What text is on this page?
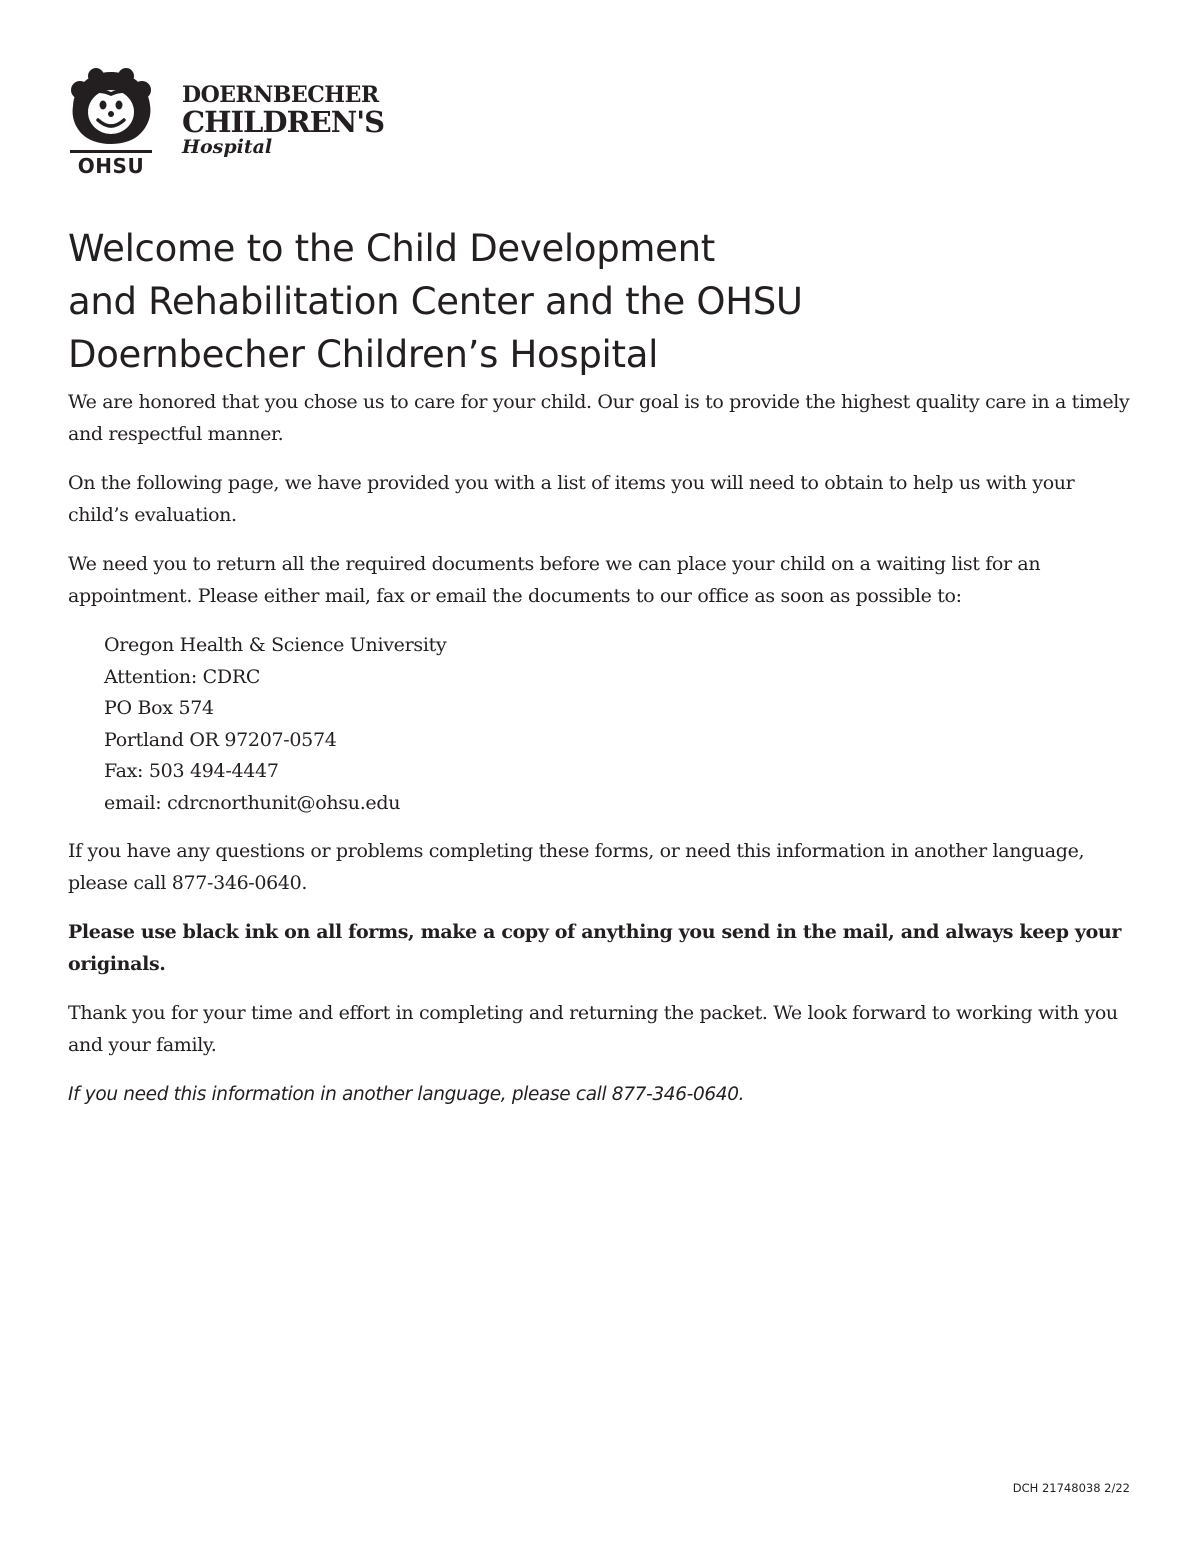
OHSU
DOERNBECHER
CHILDREN'S
Hospital
Welcome to the Child Development
and Rehabilitation Center and the OHSU
Doernbecher Children’s Hospital

We are honored that you chose us to care for your child. Our goal is to provide the highest quality care in a timely and respectful manner.

On the following page, we have provided you with a list of items you will need to obtain to help us with your child’s evaluation.

We need you to return all the required documents before we can place your child on a waiting list for an appointment. Please either mail, fax or email the documents to our office as soon as possible to:

Oregon Health & Science University
Attention: CDRC
PO Box 574
Portland OR 97207-0574
Fax: 503 494-4447
email: cdrcnorthunit@ohsu.edu

If you have any questions or problems completing these forms, or need this information in another language, please call 877-346-0640.

Please use black ink on all forms, make a copy of anything you send in the mail, and always keep your originals.

Thank you for your time and effort in completing and returning the packet. We look forward to working with you and your family.

If you need this information in another language, please call 877-346-0640.

DCH 21748038 2/22
